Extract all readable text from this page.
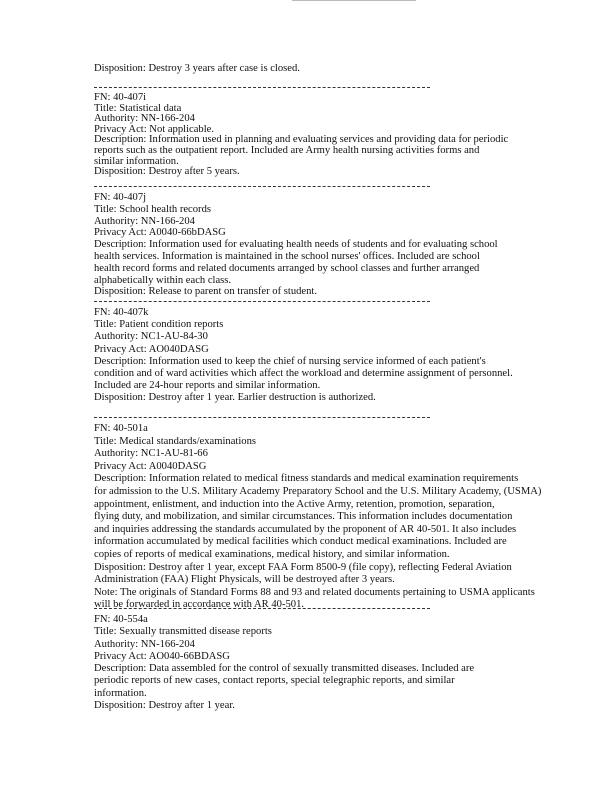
Disposition: Destroy 3 years after case is closed.
FN: 40-407i
Title: Statistical data
Authority: NN-166-204
Privacy Act: Not applicable.
Description: Information used in planning and evaluating services and providing data for periodic
reports such as the outpatient report. Included are Army health nursing activities forms and
similar information.
Disposition: Destroy after 5 years.
FN: 40-407j
Title: School health records
Authority: NN-166-204
Privacy Act: A0040-66bDASG
Description: Information used for evaluating health needs of students and for evaluating school
health services. Information is maintained in the school nurses' offices. Included are school
health record forms and related documents arranged by school classes and further arranged
alphabetically within each class.
Disposition: Release to parent on transfer of student.
FN: 40-407k
Title: Patient condition reports
Authority: NC1-AU-84-30
Privacy Act: AO040DASG
Description: Information used to keep the chief of nursing service informed of each patient's
condition and of ward activities which affect the workload and determine assignment of personnel.
Included are 24-hour reports and similar information.
Disposition: Destroy after 1 year. Earlier destruction is authorized.
FN: 40-501a
Title: Medical standards/examinations
Authority: NC1-AU-81-66
Privacy Act: A0040DASG
Description: Information related to medical fitness standards and medical examination requirements
for admission to the U.S. Military Academy Preparatory School and the U.S. Military Academy, (USMA)
appointment, enlistment, and induction into the Active Army, retention, promotion, separation,
flying duty, and mobilization, and similar circumstances. This information includes documentation
and inquiries addressing the standards accumulated by the proponent of AR 40-501. It also includes
information accumulated by medical facilities which conduct medical examinations. Included are
copies of reports of medical examinations, medical history, and similar information.
Disposition: Destroy after 1 year, except FAA Form 8500-9 (file copy), reflecting Federal Aviation
Administration (FAA) Flight Physicals, will be destroyed after 3 years.
Note: The originals of Standard Forms 88 and 93 and related documents pertaining to USMA applicants
will be forwarded in accordance with AR 40-501.
FN: 40-554a
Title: Sexually transmitted disease reports
Authority: NN-166-204
Privacy Act: AO040-66BDASG
Description: Data assembled for the control of sexually transmitted diseases. Included are
periodic reports of new cases, contact reports, special telegraphic reports, and similar
information.
Disposition: Destroy after 1 year.
